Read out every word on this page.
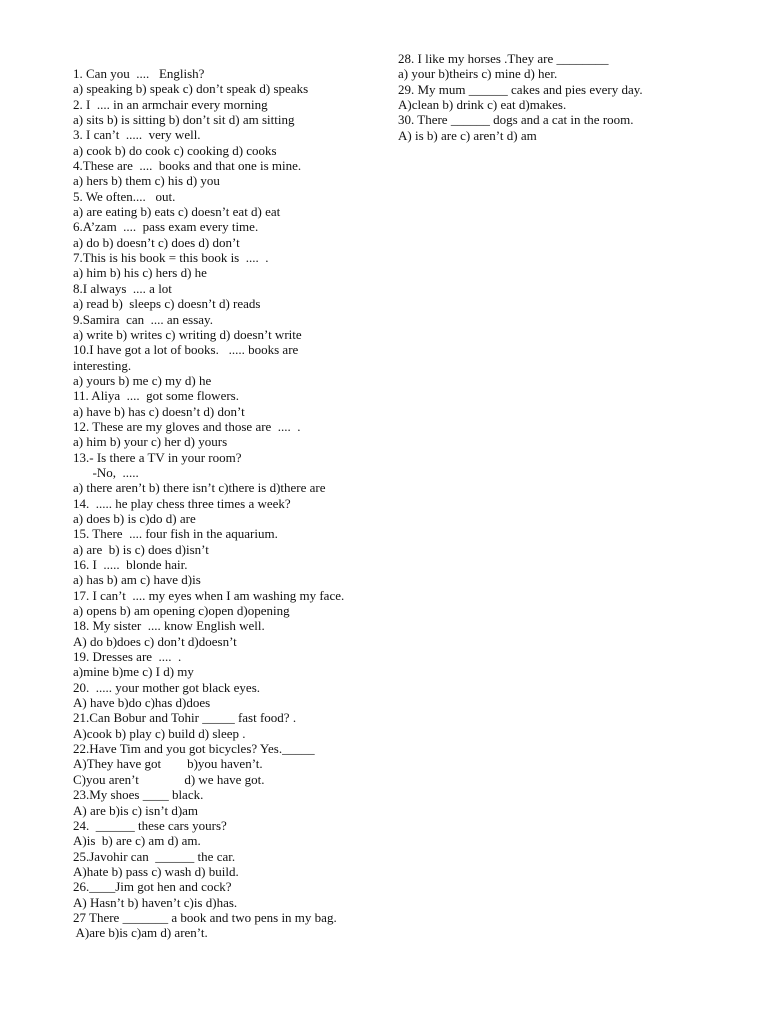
1. Can you  ....   English?

a) speaking b) speak c) don’t speak d) speaks

2. I  .... in an armchair every morning

a) sits b) is sitting b) don’t sit d) am sitting

3. I can’t  .....  very well.

a) cook b) do cook c) cooking d) cooks

4.These are  ....  books and that one is mine.

a) hers b) them c) his d) you

5. We often....   out.

a) are eating b) eats c) doesn’t eat d) eat

6.A’zam  ....  pass exam every time.

a) do b) doesn’t c) does d) don’t

7.This is his book = this book is  ....  .

a) him b) his c) hers d) he

8.I always  .... a lot

a) read b)  sleeps c) doesn’t d) reads

9.Samira  can  .... an essay.

a) write b) writes c) writing d) doesn’t write

10.I have got a lot of books.   ..... books are

interesting.

a) yours b) me c) my d) he

11. Aliya  ....  got some flowers.

a) have b) has c) doesn’t d) don’t

12. These are my gloves and those are  ....  .

a) him b) your c) her d) yours

13.- Is there a TV in your room?

-No,  .....

a) there aren’t b) there isn’t c)there is d)there are

14.  ..... he play chess three times a week?

a) does b) is c)do d) are

15. There  .... four fish in the aquarium.

a) are  b) is c) does d)isn’t

16. I  .....  blonde hair.

a) has b) am c) have d)is

17. I can’t  .... my eyes when I am washing my face.

a) opens b) am opening c)open d)opening

18. My sister  .... know English well.

A) do b)does c) don’t d)doesn’t

19. Dresses are  ....  .

a)mine b)me c) I d) my

20.  ..... your mother got black eyes.

A) have b)do c)has d)does

21.Can Bobur and Tohir _____ fast food? .

A)cook b) play c) build d) sleep .

22.Have Tim and you got bicycles? Yes._____

A)They have got        b)you haven’t.

C)you aren’t              d) we have got.

23.My shoes ____ black.

A) are b)is c) isn’t d)am

24.  ______ these cars yours?

A)is  b) are c) am d) am.

25.Javohir can  ______ the car.

A)hate b) pass c) wash d) build.

26.____Jim got hen and cock?

A) Hasn’t b) haven’t c)is d)has.

27 There _______ a book and two pens in my bag.

A)are b)is c)am d) aren’t.

28. I like my horses .They are ________

a) your b)theirs c) mine d) her.

29. My mum ______ cakes and pies every day.

A)clean b) drink c) eat d)makes.

30. There ______ dogs and a cat in the room.

A) is b) are c) aren’t d) am
